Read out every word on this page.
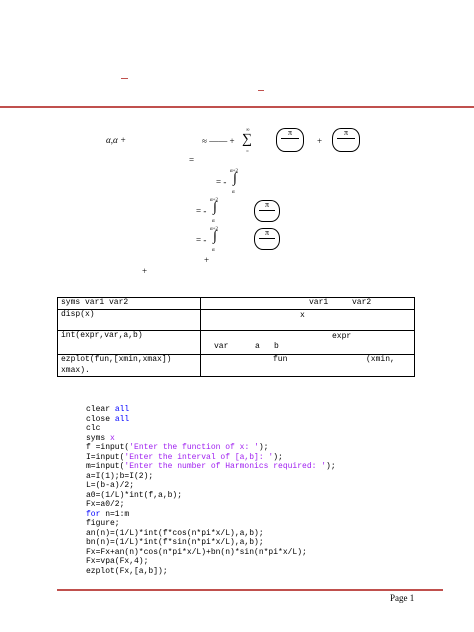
α,α +	≈ —— +
∞
∑
=
π
+
π
=
α+2
= - ∫
α
α+2
= - ∫
α
π
α+2
= - ∫
α
π
+
+
syms var1 var2	var1 var2

disp(x)	x

int(expr,var,a,b)	expr
var a b

ezplot(fun,[xmin,xmax])	fun (xmin,
xmax).
clear all
close all
clc
syms x
f =input('Enter the function of x: ');
I=input('Enter the interval of [a,b]: ');
m=input('Enter the number of Harmonics required: ');
a=I(1);b=I(2);
L=(b-a)/2;
a0=(1/L)*int(f,a,b);
Fx=a0/2;
for n=1:m
figure;
an(n)=(1/L)*int(f*cos(n*pi*x/L),a,b);
bn(n)=(1/L)*int(f*sin(n*pi*x/L),a,b);
Fx=Fx+an(n)*cos(n*pi*x/L)+bn(n)*sin(n*pi*x/L);
Fx=vpa(Fx,4);
ezplot(Fx,[a,b]);
Page 1
